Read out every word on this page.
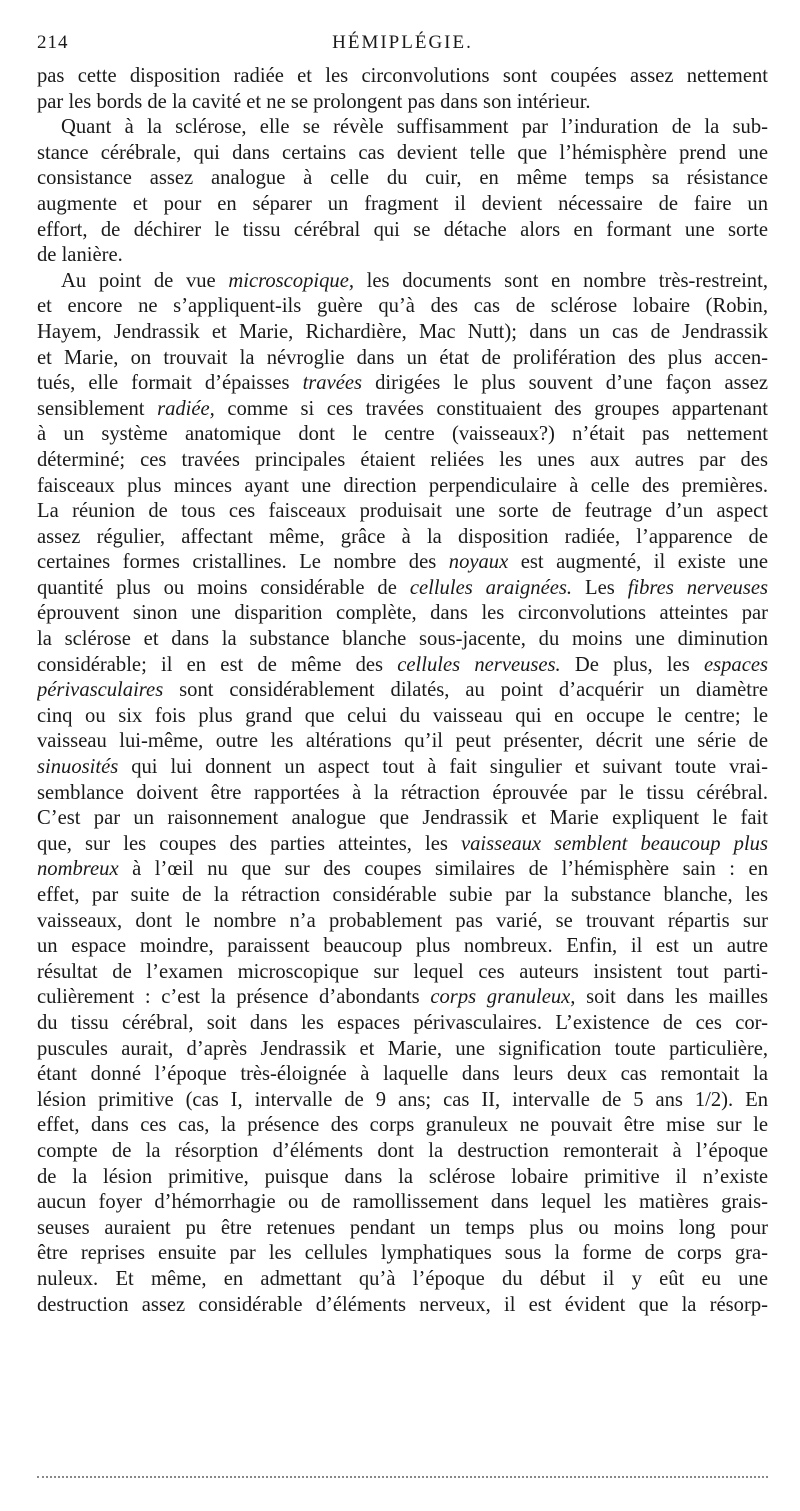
214	HÉMIPLÉGIE.
pas cette disposition radiée et les circonvolutions sont coupées assez nettement
par les bords de la cavité et ne se prolongent pas dans son intérieur.
Quant à la sclérose, elle se révèle suffisamment par l’induration de la sub-
stance cérébrale, qui dans certains cas devient telle que l’hémisphère prend une
consistance assez analogue à celle du cuir, en même temps sa résistance
augmente et pour en séparer un fragment il devient nécessaire de faire un
effort, de déchirer le tissu cérébral qui se détache alors en formant une sorte
de lanière.
Au point de vue microscopique, les documents sont en nombre très-restreint,
et encore ne s’appliquent-ils guère qu’à des cas de sclérose lobaire (Robin,
Hayem, Jendrassik et Marie, Richardière, Mac Nutt); dans un cas de Jendrassik
et Marie, on trouvait la névroglie dans un état de prolifération des plus accen-
tués, elle formait d’épaisses travées dirigées le plus souvent d’une façon assez
sensiblement radiée, comme si ces travées constituaient des groupes appartenant
à un système anatomique dont le centre (vaisseaux?) n’était pas nettement
déterminé; ces travées principales étaient reliées les unes aux autres par des
faisceaux plus minces ayant une direction perpendiculaire à celle des premières.
La réunion de tous ces faisceaux produisait une sorte de feutrage d’un aspect
assez régulier, affectant même, grâce à la disposition radiée, l’apparence de
certaines formes cristallines. Le nombre des noyaux est augmenté, il existe une
quantité plus ou moins considérable de cellules araignées. Les fibres nerveuses
éprouvent sinon une disparition complète, dans les circonvolutions atteintes par
la sclérose et dans la substance blanche sous-jacente, du moins une diminution
considérable; il en est de même des cellules nerveuses. De plus, les espaces
périvasculaires sont considérablement dilatés, au point d’acquérir un diamètre
cinq ou six fois plus grand que celui du vaisseau qui en occupe le centre; le
vaisseau lui-même, outre les altérations qu’il peut présenter, décrit une série de
sinuosités qui lui donnent un aspect tout à fait singulier et suivant toute vrai-
semblance doivent être rapportées à la rétraction éprouvée par le tissu cérébral.
C’est par un raisonnement analogue que Jendrassik et Marie expliquent le fait
que, sur les coupes des parties atteintes, les vaisseaux semblent beaucoup plus
nombreux à l’œil nu que sur des coupes similaires de l’hémisphère sain : en
effet, par suite de la rétraction considérable subie par la substance blanche, les
vaisseaux, dont le nombre n’a probablement pas varié, se trouvant répartis sur
un espace moindre, paraissent beaucoup plus nombreux. Enfin, il est un autre
résultat de l’examen microscopique sur lequel ces auteurs insistent tout parti-
culièrement : c’est la présence d’abondants corps granuleux, soit dans les mailles
du tissu cérébral, soit dans les espaces périvasculaires. L’existence de ces cor-
puscules aurait, d’après Jendrassik et Marie, une signification toute particulière,
étant donné l’époque très-éloignée à laquelle dans leurs deux cas remontait la
lésion primitive (cas I, intervalle de 9 ans; cas II, intervalle de 5 ans 1/2). En
effet, dans ces cas, la présence des corps granuleux ne pouvait être mise sur le
compte de la résorption d’éléments dont la destruction remonterait à l’époque
de la lésion primitive, puisque dans la sclérose lobaire primitive il n’existe
aucun foyer d’hémorrhagie ou de ramollissement dans lequel les matières grais-
seuses auraient pu être retenues pendant un temps plus ou moins long pour
être reprises ensuite par les cellules lymphatiques sous la forme de corps gra-
nuleux. Et même, en admettant qu’à l’époque du début il y eût eu une
destruction assez considérable d’éléments nerveux, il est évident que la résorp-
